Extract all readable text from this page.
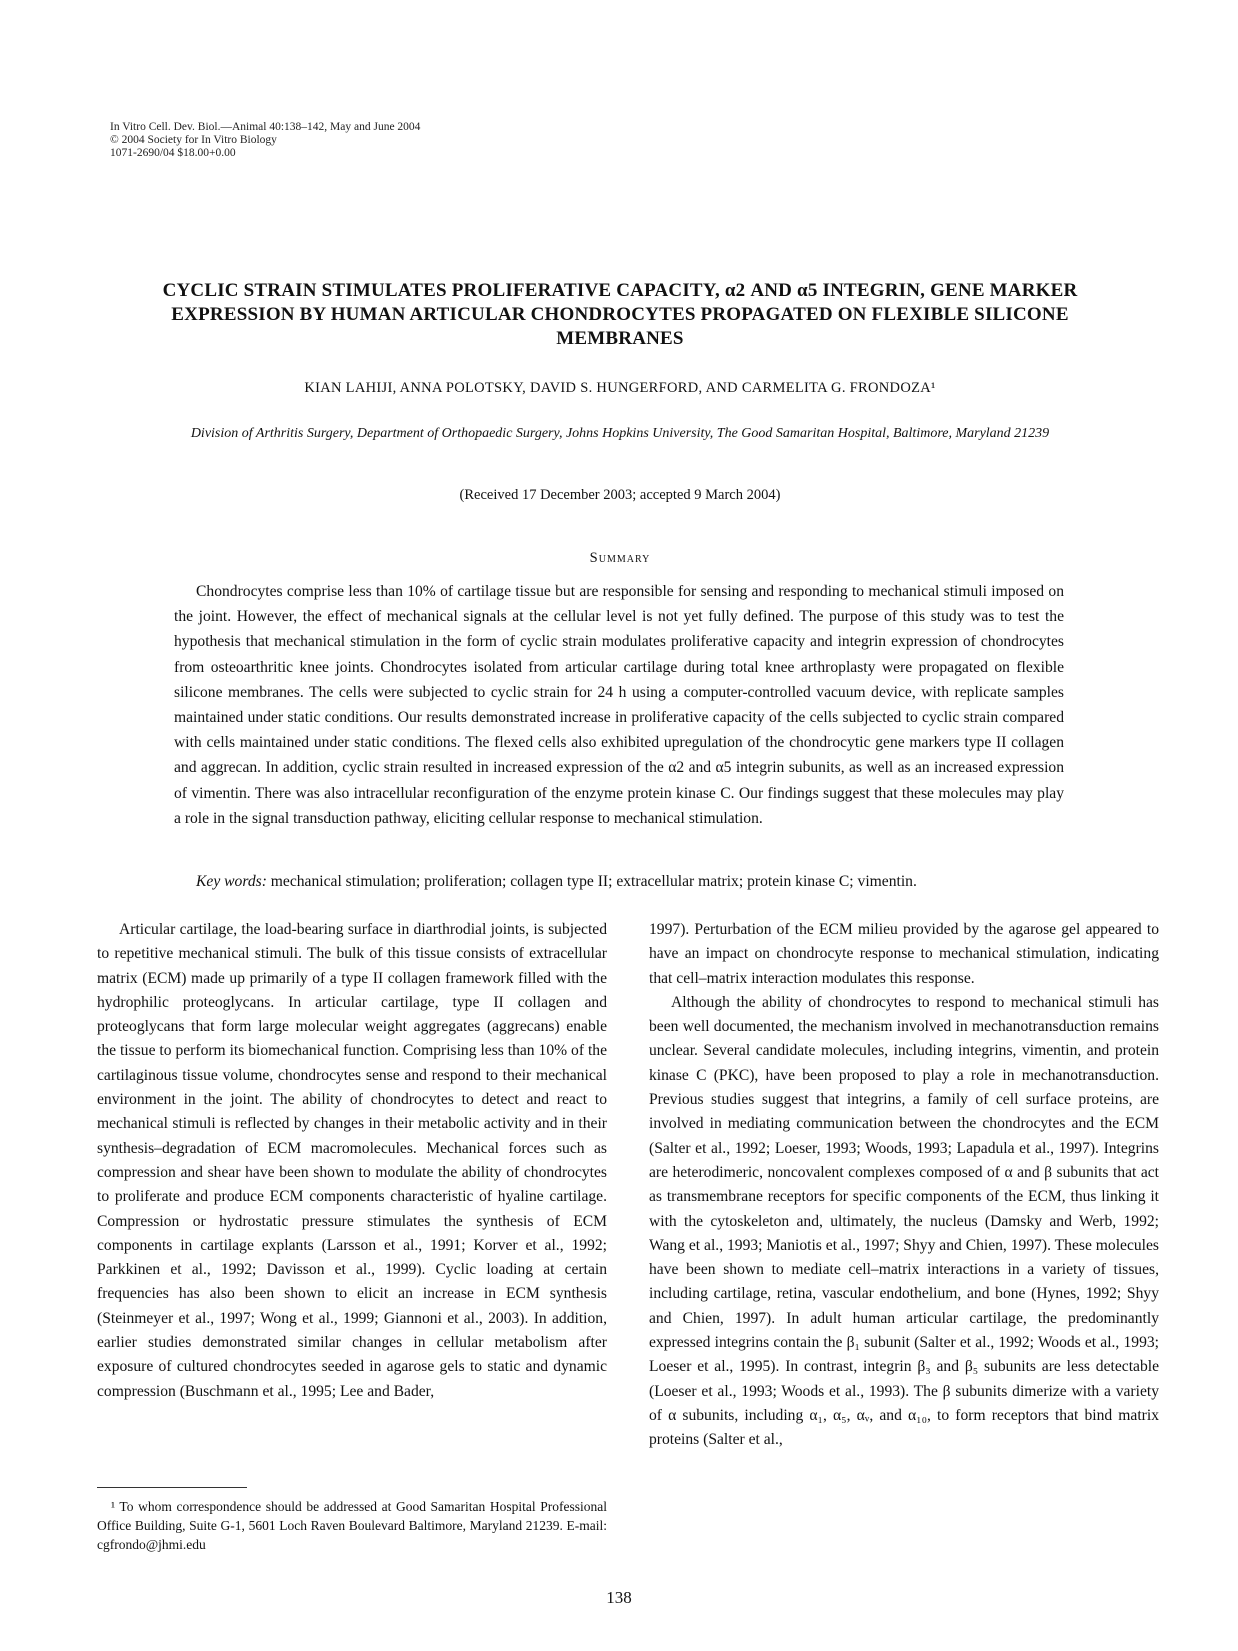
In Vitro Cell. Dev. Biol.—Animal 40:138–142, May and June 2004
© 2004 Society for In Vitro Biology
1071-2690/04 $18.00+0.00
CYCLIC STRAIN STIMULATES PROLIFERATIVE CAPACITY, α2 AND α5 INTEGRIN, GENE MARKER EXPRESSION BY HUMAN ARTICULAR CHONDROCYTES PROPAGATED ON FLEXIBLE SILICONE MEMBRANES
KIAN LAHIJI, ANNA POLOTSKY, DAVID S. HUNGERFORD, AND CARMELITA G. FRONDOZA¹
Division of Arthritis Surgery, Department of Orthopaedic Surgery, Johns Hopkins University, The Good Samaritan Hospital, Baltimore, Maryland 21239
(Received 17 December 2003; accepted 9 March 2004)
Summary

Chondrocytes comprise less than 10% of cartilage tissue but are responsible for sensing and responding to mechanical stimuli imposed on the joint. However, the effect of mechanical signals at the cellular level is not yet fully defined. The purpose of this study was to test the hypothesis that mechanical stimulation in the form of cyclic strain modulates proliferative capacity and integrin expression of chondrocytes from osteoarthritic knee joints. Chondrocytes isolated from articular cartilage during total knee arthroplasty were propagated on flexible silicone membranes. The cells were subjected to cyclic strain for 24 h using a computer-controlled vacuum device, with replicate samples maintained under static conditions. Our results demonstrated increase in proliferative capacity of the cells subjected to cyclic strain compared with cells maintained under static conditions. The flexed cells also exhibited upregulation of the chondrocytic gene markers type II collagen and aggrecan. In addition, cyclic strain resulted in increased expression of the α2 and α5 integrin subunits, as well as an increased expression of vimentin. There was also intracellular reconfiguration of the enzyme protein kinase C. Our findings suggest that these molecules may play a role in the signal transduction pathway, eliciting cellular response to mechanical stimulation.

Key words: mechanical stimulation; proliferation; collagen type II; extracellular matrix; protein kinase C; vimentin.

Articular cartilage, the load-bearing surface in diarthrodial joints, is subjected to repetitive mechanical stimuli. The bulk of this tissue consists of extracellular matrix (ECM) made up primarily of a type II collagen framework filled with the hydrophilic proteoglycans. In articular cartilage, type II collagen and proteoglycans that form large molecular weight aggregates (aggrecans) enable the tissue to perform its biomechanical function. Comprising less than 10% of the cartilaginous tissue volume, chondrocytes sense and respond to their mechanical environment in the joint. The ability of chondrocytes to detect and react to mechanical stimuli is reflected by changes in their metabolic activity and in their synthesis–degradation of ECM macromolecules. Mechanical forces such as compression and shear have been shown to modulate the ability of chondrocytes to proliferate and produce ECM components characteristic of hyaline cartilage. Compression or hydrostatic pressure stimulates the synthesis of ECM components in cartilage explants (Larsson et al., 1991; Korver et al., 1992; Parkkinen et al., 1992; Davisson et al., 1999). Cyclic loading at certain frequencies has also been shown to elicit an increase in ECM synthesis (Steinmeyer et al., 1997; Wong et al., 1999; Giannoni et al., 2003). In addition, earlier studies demonstrated similar changes in cellular metabolism after exposure of cultured chondrocytes seeded in agarose gels to static and dynamic compression (Buschmann et al., 1995; Lee and Bader,

1997). Perturbation of the ECM milieu provided by the agarose gel appeared to have an impact on chondrocyte response to mechanical stimulation, indicating that cell–matrix interaction modulates this response.

Although the ability of chondrocytes to respond to mechanical stimuli has been well documented, the mechanism involved in mechanotransduction remains unclear. Several candidate molecules, including integrins, vimentin, and protein kinase C (PKC), have been proposed to play a role in mechanotransduction. Previous studies suggest that integrins, a family of cell surface proteins, are involved in mediating communication between the chondrocytes and the ECM (Salter et al., 1992; Loeser, 1993; Woods, 1993; Lapadula et al., 1997). Integrins are heterodimeric, noncovalent complexes composed of α and β subunits that act as transmembrane receptors for specific components of the ECM, thus linking it with the cytoskeleton and, ultimately, the nucleus (Damsky and Werb, 1992; Wang et al., 1993; Maniotis et al., 1997; Shyy and Chien, 1997). These molecules have been shown to mediate cell–matrix interactions in a variety of tissues, including cartilage, retina, vascular endothelium, and bone (Hynes, 1992; Shyy and Chien, 1997). In adult human articular cartilage, the predominantly expressed integrins contain the β₁ subunit (Salter et al., 1992; Woods et al., 1993; Loeser et al., 1995). In contrast, integrin β₃ and β₅ subunits are less detectable (Loeser et al., 1993; Woods et al., 1993). The β subunits dimerize with a variety of α subunits, including α₁, α₅, αᵥ, and α₁₀, to form receptors that bind matrix proteins (Salter et al.,

¹ To whom correspondence should be addressed at Good Samaritan Hospital Professional Office Building, Suite G-1, 5601 Loch Raven Boulevard Baltimore, Maryland 21239. E-mail: cgfrondo@jhmi.edu

138
